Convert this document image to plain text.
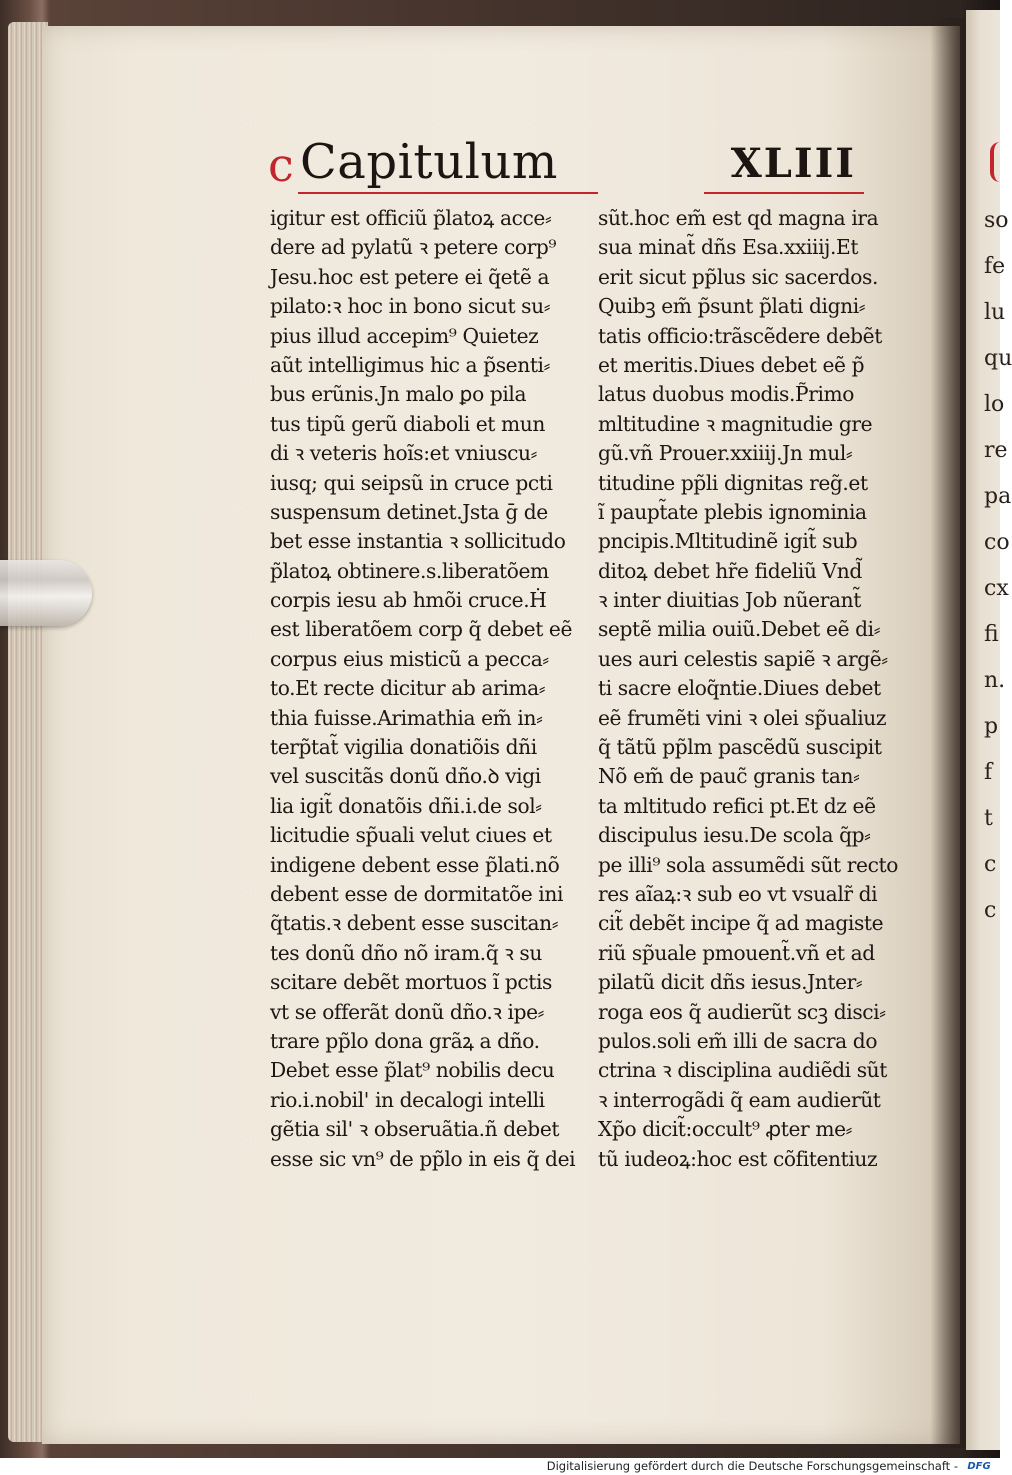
so
fe
lu
qu
lo
re
pa
co
cx
fi
n.
p
f
t
c
c
c Capitulum	XLIII
igitur est officiũ p̃latoꝝ acce⸗
dere ad pylatũ ꝛ petere corp⁹
Jesu.hoc est petere ei q̃etẽ a
pilato:ꝛ hoc in bono sicut su⸗
pius illud accepim⁹ Quietez
aũt intelligimus hic a p̃senti⸗
bus erũnis.Jn malo ꝑo pila
tus tipũ gerũ diaboli et mun
di ꝛ veteris hoĩs:et vniuscu⸗
iusq; qui seipsũ in cruce pcti
suspensum detinet.Jsta ḡ de
bet esse instantia ꝛ sollicitudo
p̃latoꝝ obtinere.s.liberatõem
corpis iesu ab hmõi cruce.Ḣ
est liberatõem corp q̃ debet eẽ
corpus eius misticũ a pecca⸗
to.Et recte dicitur ab arima⸗
thia fuisse.Arimathia em̃ in⸗
terp̃tat̃ vigilia donatiõis dñi
vel suscitãs donũ dño.ꝺ vigi
lia igit̃ donatõis dñi.i.de sol⸗
licitudie sp̃uali velut ciues et
indigene debent esse p̃lati.nõ
debent esse de dormitatõe ini
q̃tatis.ꝛ debent esse suscitan⸗
tes donũ dño nõ iram.q̃ ꝛ su
scitare debẽt mortuos ĩ pctis
vt se offerãt donũ dño.ꝛ ipe⸗
trare pp̃lo dona grãꝝ a dño.
Debet esse p̃lat⁹ nobilis decu
rio.i.nobil' in decalogi intelli
gẽtia sil' ꝛ obseruãtia.ñ debet
esse sic vn⁹ de pp̃lo in eis q̃ dei
sũt.hoc em̃ est qd magna ira
sua minat̃ dñs Esa.xxiiij.Et
erit sicut pp̃lus sic sacerdos.
Quibꝫ em̃ p̃sunt p̃lati digni⸗
tatis officio:trãscẽdere debẽt
et meritis.Diues debet eẽ p̃
latus duobus modis.P̃rimo
mltitudine ꝛ magnitudie gre
gũ.vñ Prouer.xxiiij.Jn mul⸗
titudine pp̃li dignitas reg̃.et
ĩ paupt̃ate plebis ignominia
pncipis.Mltitudinẽ igit̃ sub
ditoꝝ debet hr̃e fideliũ Vnd̃
ꝛ inter diuitias Job nũerant̃
septẽ milia ouiũ.Debet eẽ di⸗
ues auri celestis sapiẽ ꝛ argẽ⸗
ti sacre eloq̃ntie.Diues debet
eẽ frumẽti vini ꝛ olei sp̃ualiuz
q̃ tãtũ pp̃lm pascẽdũ suscipit
Nõ em̃ de pauc̃ granis tan⸗
ta mltitudo refici pt.Et dz eẽ
discipulus iesu.De scola q̃p⸗
pe illi⁹ sola assumẽdi sũt recto
res aĩaꝝ:ꝛ sub eo vt vsualr̃ di
cit̃ debẽt incipe q̃ ad magiste
riũ sp̃uale pmouent̃.vñ et ad
pilatũ dicit dñs iesus.Jnter⸗
roga eos q̃ audierũt scꝫ disci⸗
pulos.soli em̃ illi de sacra do
ctrina ꝛ disciplina audiẽdi sũt
ꝛ interrogãdi q̃ eam audierũt
Xp̃o dicit̃:occult⁹ ꝓter me⸗
tũ iudeoꝝ:hoc est cõfitentiuz
Digitalisierung gefördert durch die Deutsche Forschungsgemeinschaft - DFG
